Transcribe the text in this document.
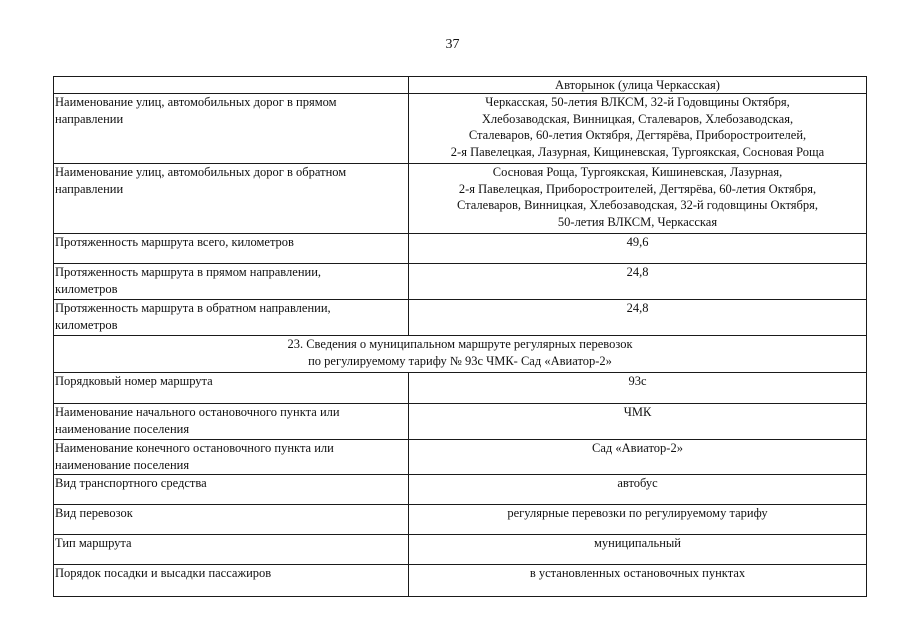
37
	Авторынок (улица Черкасская)

Наименование улиц, автомобильных дорог в прямом
направлении	Черкасская, 50-летия ВЛКСМ, 32-й Годовщины Октября,
Хлебозаводская, Винницкая, Сталеваров, Хлебозаводская,
Сталеваров, 60-летия Октября, Дегтярёва, Приборостроителей,
2-я Павелецкая, Лазурная, Кищиневская, Тургоякская, Сосновая Роща

Наименование улиц, автомобильных дорог в обратном
направлении	Сосновая Роща, Тургоякская, Кишиневская, Лазурная,
2-я Павелецкая, Приборостроителей, Дегтярёва, 60-летия Октября,
Сталеваров, Винницкая, Хлебозаводская, 32-й годовщины Октября,
50-летия ВЛКСМ, Черкасская

Протяженность маршрута всего, километров	49,6

Протяженность маршрута в прямом направлении,
километров	24,8

Протяженность маршрута в обратном направлении,
километров	24,8

23. Сведения о муниципальном маршруте регулярных перевозок
по регулируемому тарифу № 93с ЧМК- Сад «Авиатор-2»	

Порядковый номер маршрута	93с

Наименование начального остановочного пункта или
наименование поселения	ЧМК

Наименование конечного остановочного пункта или
наименование поселения	Сад «Авиатор-2»

Вид транспортного средства	автобус

Вид перевозок	регулярные перевозки по регулируемому тарифу

Тип маршрута	муниципальный

Порядок посадки и высадки пассажиров	в установленных остановочных пунктах
